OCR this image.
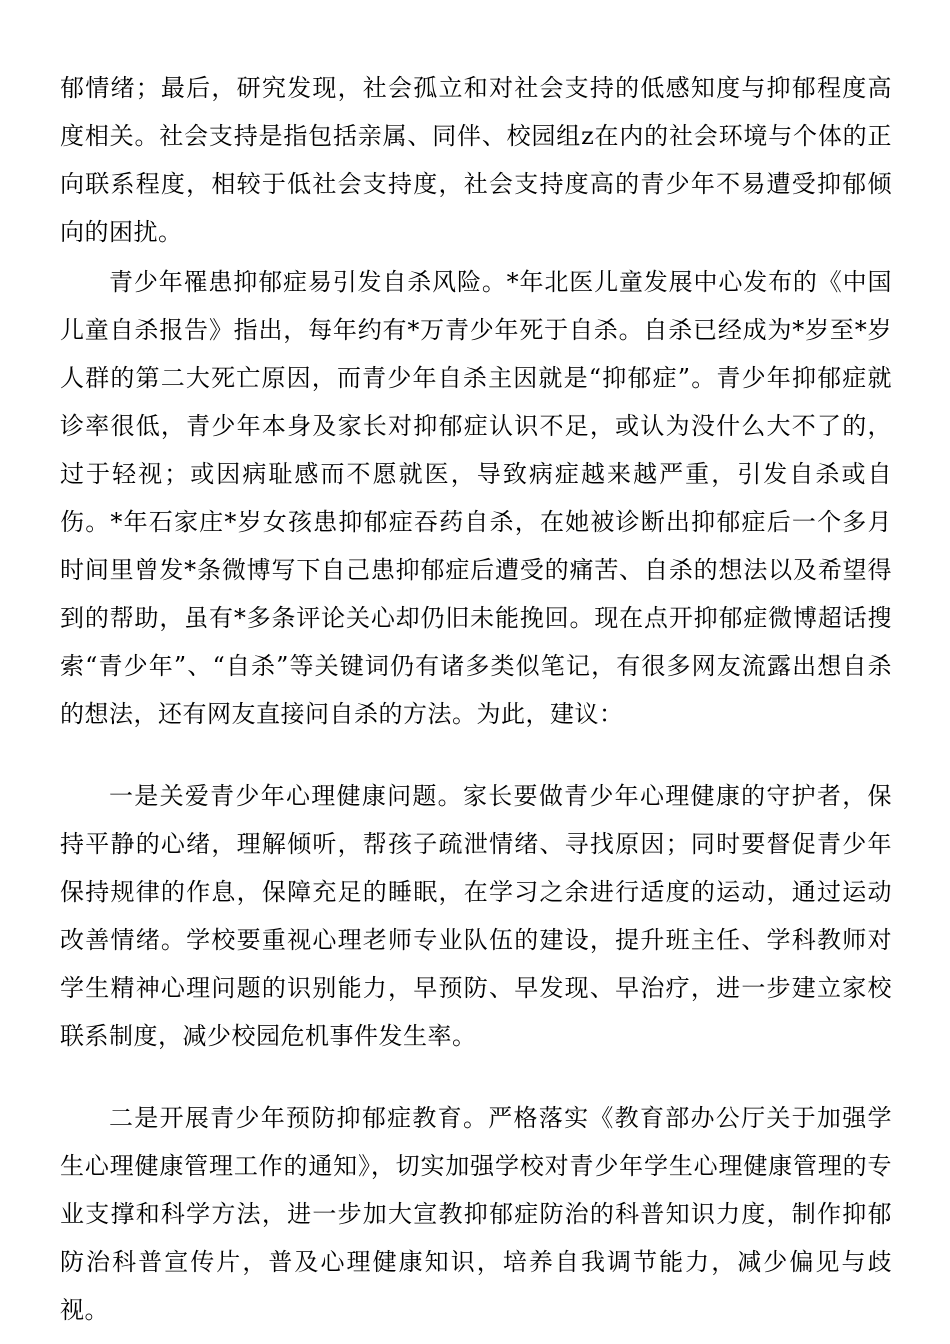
郁情绪；最后，研究发现，社会孤立和对社会支持的低感知度与抑郁程度高度相关。社会支持是指包括亲属、同伴、校园组z在内的社会环境与个体的正向联系程度，相较于低社会支持度，社会支持度高的青少年不易遭受抑郁倾向的困扰。

青少年罹患抑郁症易引发自杀风险。*年北医儿童发展中心发布的《中国儿童自杀报告》指出，每年约有*万青少年死于自杀。自杀已经成为*岁至*岁人群的第二大死亡原因，而青少年自杀主因就是“抑郁症”。青少年抑郁症就诊率很低，青少年本身及家长对抑郁症认识不足，或认为没什么大不了的，过于轻视；或因病耻感而不愿就医，导致病症越来越严重，引发自杀或自伤。*年石家庄*岁女孩患抑郁症吞药自杀，在她被诊断出抑郁症后一个多月时间里曾发*条微博写下自己患抑郁症后遭受的痛苦、自杀的想法以及希望得到的帮助，虽有*多条评论关心却仍旧未能挽回。现在点开抑郁症微博超话搜索“青少年”、“自杀”等关键词仍有诸多类似笔记，有很多网友流露出想自杀的想法，还有网友直接问自杀的方法。为此，建议：

一是关爱青少年心理健康问题。家长要做青少年心理健康的守护者，保持平静的心绪，理解倾听，帮孩子疏泄情绪、寻找原因；同时要督促青少年保持规律的作息，保障充足的睡眠，在学习之余进行适度的运动，通过运动改善情绪。学校要重视心理老师专业队伍的建设，提升班主任、学科教师对学生精神心理问题的识别能力，早预防、早发现、早治疗，进一步建立家校联系制度，减少校园危机事件发生率。

二是开展青少年预防抑郁症教育。严格落实《教育部办公厅关于加强学生心理健康管理工作的通知》，切实加强学校对青少年学生心理健康管理的专业支撑和科学方法，进一步加大宣教抑郁症防治的科普知识力度，制作抑郁防治科普宣传片，普及心理健康知识，培养自我调节能力，减少偏见与歧视。
